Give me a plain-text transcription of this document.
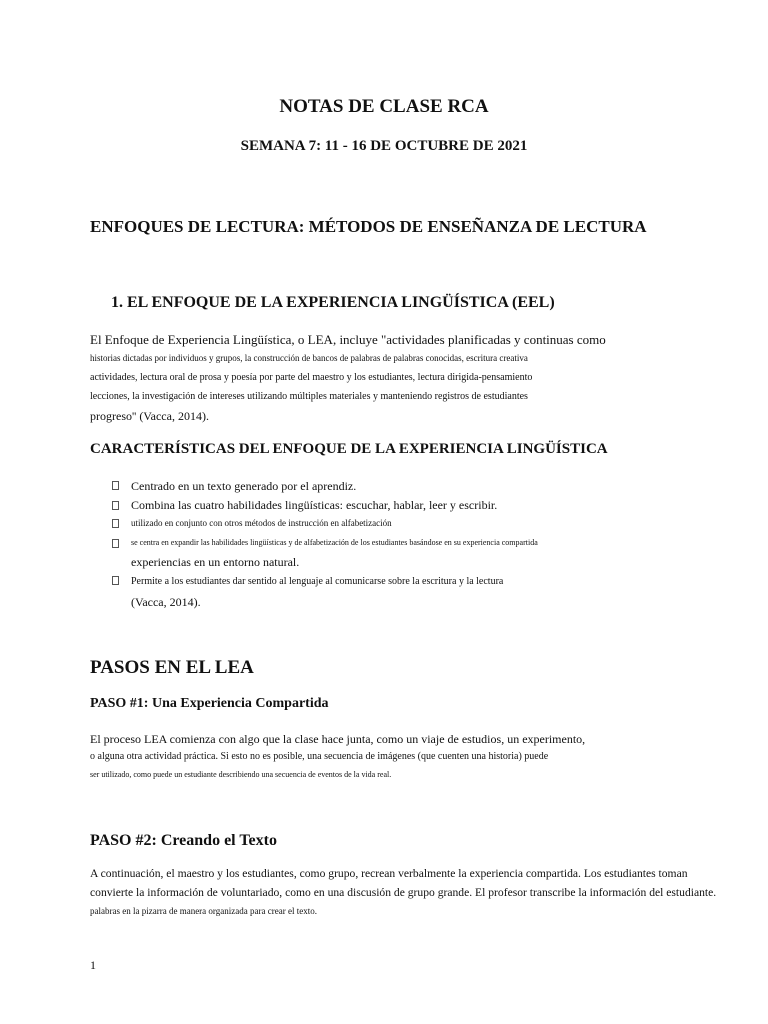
NOTAS DE CLASE RCA
SEMANA 7: 11 - 16 DE OCTUBRE DE 2021
ENFOQUES DE LECTURA: MÉTODOS DE ENSEÑANZA DE LECTURA
1. EL ENFOQUE DE LA EXPERIENCIA LINGÜÍSTICA (EEL)
El Enfoque de Experiencia Lingüística, o LEA, incluye "actividades planificadas y continuas como
historias dictadas por individuos y grupos, la construcción de bancos de palabras de palabras conocidas, escritura creativa
actividades, lectura oral de prosa y poesía por parte del maestro y los estudiantes, lectura dirigida-pensamiento
lecciones, la investigación de intereses utilizando múltiples materiales y manteniendo registros de estudiantes
progreso'' (Vacca, 2014).
CARACTERÍSTICAS DEL ENFOQUE DE LA EXPERIENCIA LINGÜÍSTICA
Centrado en un texto generado por el aprendiz.
Combina las cuatro habilidades lingüísticas: escuchar, hablar, leer y escribir.
utilizado en conjunto con otros métodos de instrucción en alfabetización
se centra en expandir las habilidades lingüísticas y de alfabetización de los estudiantes basándose en su experiencia compartida
experiencias en un entorno natural.
Permite a los estudiantes dar sentido al lenguaje al comunicarse sobre la escritura y la lectura
(Vacca, 2014).
PASOS EN EL LEA
PASO #1: Una Experiencia Compartida
El proceso LEA comienza con algo que la clase hace junta, como un viaje de estudios, un experimento,
o alguna otra actividad práctica. Si esto no es posible, una secuencia de imágenes (que cuenten una historia) puede
ser utilizado, como puede un estudiante describiendo una secuencia de eventos de la vida real.
PASO #2: Creando el Texto
A continuación, el maestro y los estudiantes, como grupo, recrean verbalmente la experiencia compartida. Los estudiantes toman
convierte la información de voluntariado, como en una discusión de grupo grande. El profesor transcribe la información del estudiante.
palabras en la pizarra de manera organizada para crear el texto.
1
